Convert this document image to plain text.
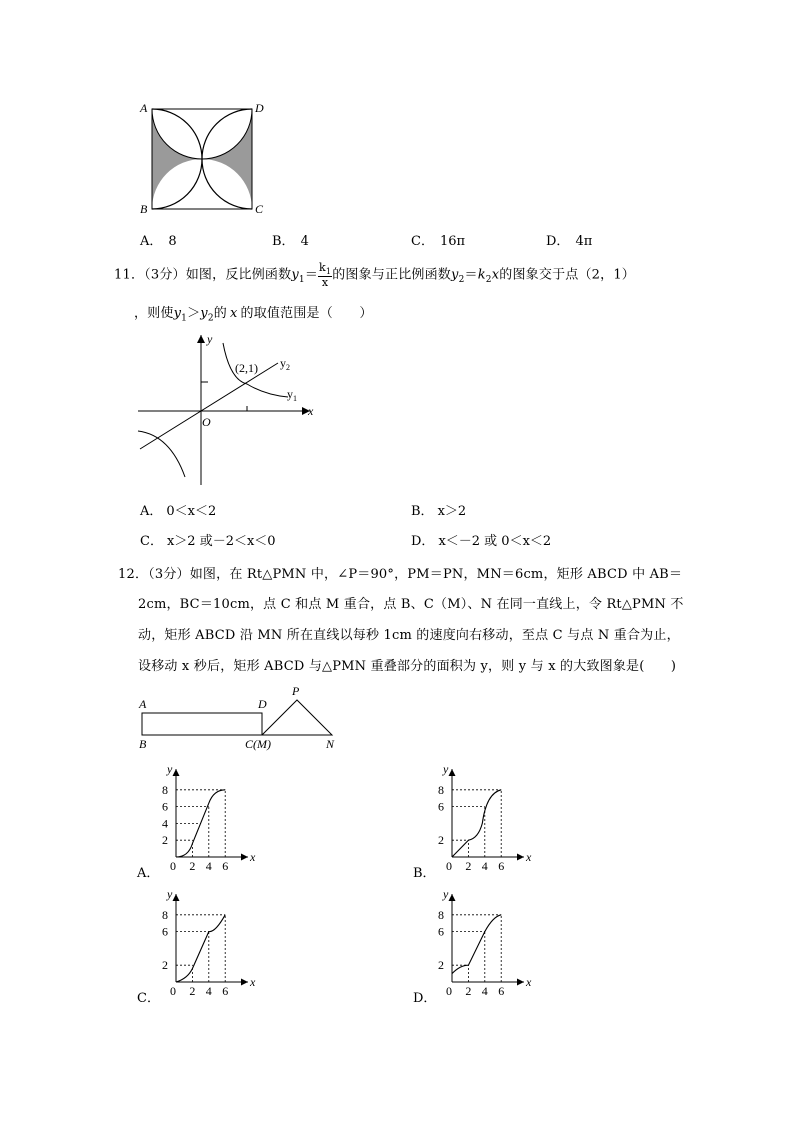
A	D
B	C
A． 8	B． 4	C． 16π	D． 4π
11．（3分）如图，反比例函数$y_1= \frac{k_1}{x}$ 的图象与正比例函数$y_2=k_2x$的图象交于点（2，1）
，则使$y_1>y_2$的 x 的取值范围是（　　）
y
x
O
(2,1) $y_2$
$y_1$
A． 0＜x＜2	B． x＞2
C． x＞2 或－2＜x＜0	D． x＜－2 或 0＜x＜2
12．（3分）如图，在 Rt△PMN 中，∠P＝90°，PM＝PN，MN＝6cm，矩形 ABCD 中 AB＝
2cm，BC＝10cm，点 C 和点 M 重合，点 B、C（M）、N 在同一直线上，令 Rt△PMN 不
动，矩形 ABCD 沿 MN 所在直线以每秒 1cm 的速度向右移动，至点 C 与点 N 重合为止，
设移动 x 秒后，矩形 ABCD 与△PMN 重叠部分的面积为 y，则 y 与 x 的大致图象是(　　)
A	D
P
B	C(M)	N
8
6
4
2
0 2 4 6
y
x
A．
8
6
2
0 2 4 6
y
x
B．
8
6
2
0 2 4 6
y
x
C．
8
6
2
0 2 4 6
y
x
D．
